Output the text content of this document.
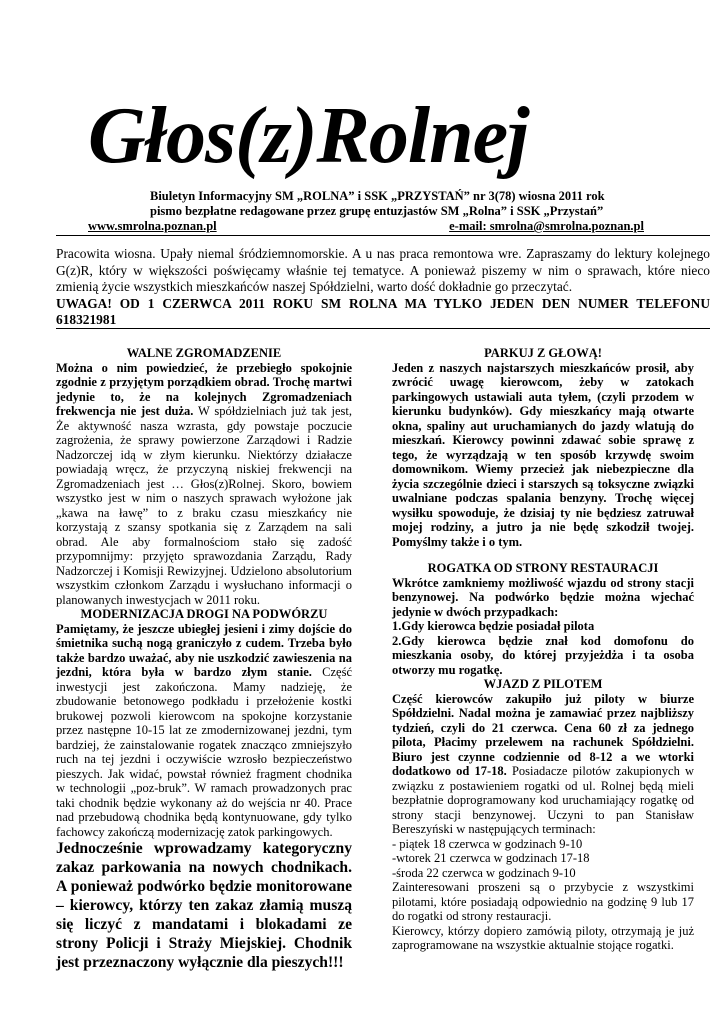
Głos(z)Rolnej
Biuletyn Informacyjny SM „ROLNA” i SSK „PRZYSTAŃ” nr 3(78) wiosna 2011 rok
pismo bezpłatne redagowane przez grupę entuzjastów SM „Rolna” i SSK „Przystań”
www.smrolna.poznan.pl	e-mail: smrolna@smrolna.poznan.pl

Pracowita wiosna. Upały niemal śródziemnomorskie. A u nas praca remontowa wre. Zapraszamy do lektury kolejnego G(z)R, który w większości poświęcamy właśnie tej tematyce. A ponieważ piszemy w nim o sprawach, które nieco zmienią życie wszystkich mieszkańców naszej Spółdzielni, warto dość dokładnie go przeczytać.

UWAGA! OD 1 CZERWCA 2011 ROKU SM ROLNA MA TYLKO JEDEN DEN NUMER TELEFONU 618321981

WALNE ZGROMADZENIE

Można o nim powiedzieć, że przebiegło spokojnie zgodnie z przyjętym porządkiem obrad. Trochę martwi jedynie to, że na kolejnych Zgromadzeniach frekwencja nie jest duża. W spółdzielniach już tak jest, Że aktywność nasza wzrasta, gdy powstaje poczucie zagrożenia, że sprawy powierzone Zarządowi i Radzie Nadzorczej idą w złym kierunku. Niektórzy działacze powiadają wręcz, że przyczyną niskiej frekwencji na Zgromadzeniach jest … Głos(z)Rolnej. Skoro, bowiem wszystko jest w nim o naszych sprawach wyłożone jak „kawa na ławę” to z braku czasu mieszkańcy nie korzystają z szansy spotkania się z Zarządem na sali obrad. Ale aby formalnościom stało się zadość przypomnijmy: przyjęto sprawozdania Zarządu, Rady Nadzorczej i Komisji Rewizyjnej. Udzielono absolutorium wszystkim członkom Zarządu i wysłuchano informacji o planowanych inwestycjach w 2011 roku.

MODERNIZACJA DROGI NA PODWÓRZU

Pamiętamy, że jeszcze ubiegłej jesieni i zimy dojście do śmietnika suchą nogą graniczyło z cudem. Trzeba było także bardzo uważać, aby nie uszkodzić zawieszenia na jezdni, która była w bardzo złym stanie. Część inwestycji jest zakończona. Mamy nadzieję, że zbudowanie betonowego podkładu i przełożenie kostki brukowej pozwoli kierowcom na spokojne korzystanie przez następne 10-15 lat ze zmodernizowanej jezdni, tym bardziej, że zainstalowanie rogatek znacząco zmniejszyło ruch na tej jezdni i oczywiście wzrosło bezpieczeństwo pieszych. Jak widać, powstał również fragment chodnika w technologii „poz-bruk”. W ramach prowadzonych prac taki chodnik będzie wykonany aż do wejścia nr 40. Prace nad przebudową chodnika będą kontynuowane, gdy tylko fachowcy zakończą modernizację zatok parkingowych.

Jednocześnie wprowadzamy kategoryczny zakaz parkowania na nowych chodnikach. A ponieważ podwórko będzie monitorowane – kierowcy, którzy ten zakaz złamią muszą się liczyć z mandatami i blokadami ze strony Policji i Straży Miejskiej. Chodnik jest przeznaczony wyłącznie dla pieszych!!!

PARKUJ Z GŁOWĄ!

Jeden z naszych najstarszych mieszkańców prosił, aby zwrócić uwagę kierowcom, żeby w zatokach parkingowych ustawiali auta tyłem, (czyli przodem w kierunku budynków). Gdy mieszkańcy mają otwarte okna, spaliny aut uruchamianych do jazdy wlatują do mieszkań. Kierowcy powinni zdawać sobie sprawę z tego, że wyrządzają w ten sposób krzywdę swoim domownikom. Wiemy przecież jak niebezpieczne dla życia szczególnie dzieci i starszych są toksyczne związki uwalniane podczas spalania benzyny. Trochę więcej wysiłku spowoduje, że dzisiaj ty nie będziesz zatruwał mojej rodziny, a jutro ja nie będę szkodził twojej. Pomyślmy także i o tym.

ROGATKA OD STRONY RESTAURACJI

Wkrótce zamkniemy możliwość wjazdu od strony stacji benzynowej. Na podwórko będzie można wjechać jedynie w dwóch przypadkach:

1.Gdy kierowca będzie posiadał pilota

2.Gdy kierowca będzie znał kod domofonu do mieszkania osoby, do której przyjeżdża i ta osoba otworzy mu rogatkę.

WJAZD Z PILOTEM

Część kierowców zakupiło już piloty w biurze Spółdzielni. Nadal można je zamawiać przez najbliższy tydzień, czyli do 21 czerwca. Cena 60 zł za jednego pilota, Płacimy przelewem na rachunek Spółdzielni. Biuro jest czynne codziennie od 8-12 a we wtorki dodatkowo od 17-18. Posiadacze pilotów zakupionych w związku z postawieniem rogatki od ul. Rolnej będą mieli bezpłatnie doprogramowany kod uruchamiający rogatkę od strony stacji benzynowej. Uczyni to pan Stanisław Bereszyński w następujących terminach:

- piątek 18 czerwca w godzinach 9-10
-wtorek 21 czerwca w godzinach 17-18
-środa 22 czerwca w godzinach 9-10

Zainteresowani proszeni są o przybycie z wszystkimi pilotami, które posiadają odpowiednio na godzinę 9 lub 17 do rogatki od strony restauracji.

Kierowcy, którzy dopiero zamówią piloty, otrzymają je już zaprogramowane na wszystkie aktualnie stojące rogatki.
